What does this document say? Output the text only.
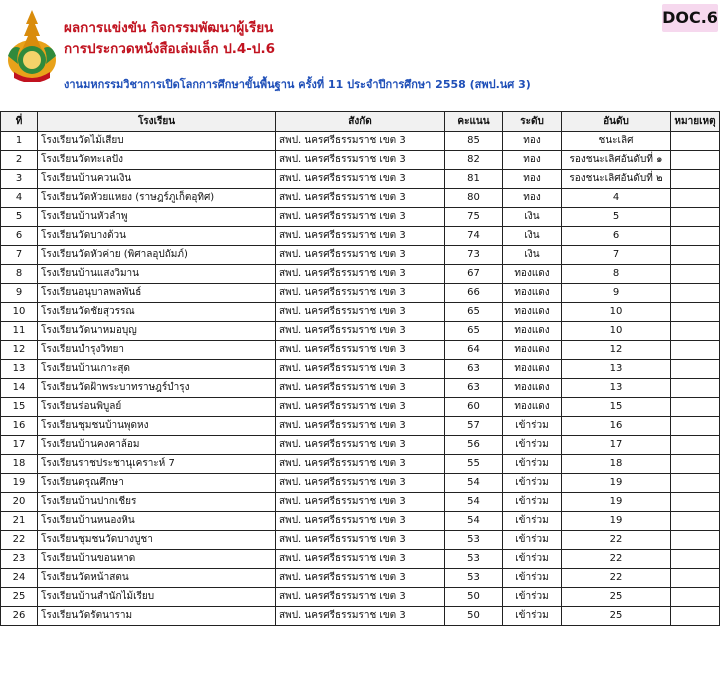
ผลการแข่งขัน กิจกรรมพัฒนาผู้เรียน
การประกวดหนังสือเล่มเล็ก ป.4-ป.6
งานมหกรรมวิชาการเปิดโลกการศึกษาขั้นพื้นฐาน ครั้งที่ 11 ประจำปีการศึกษา 2558 (สพป.นศ 3)
DOC.6
ที่	โรงเรียน	สังกัด	คะแนน	ระดับ	อันดับ	หมายเหตุ
1	โรงเรียนวัดไม้เสียบ	สพป. นครศรีธรรมราช เขต 3	85	ทอง	ชนะเลิศ	
2	โรงเรียนวัดทะเลปัง	สพป. นครศรีธรรมราช เขต 3	82	ทอง	รองชนะเลิศอันดับที่ ๑	
3	โรงเรียนบ้านควนเงิน	สพป. นครศรีธรรมราช เขต 3	81	ทอง	รองชนะเลิศอันดับที่ ๒	
4	โรงเรียนวัดหัวยแหยง (ราษฎร์ภูเก็ตอุทิศ)	สพป. นครศรีธรรมราช เขต 3	80	ทอง	4	
5	โรงเรียนบ้านหัวลำพู	สพป. นครศรีธรรมราช เขต 3	75	เงิน	5	
6	โรงเรียนวัดบางด้วน	สพป. นครศรีธรรมราช เขต 3	74	เงิน	6	
7	โรงเรียนวัดหัวค่าย (พิศาลอุปถัมภ์)	สพป. นครศรีธรรมราช เขต 3	73	เงิน	7	
8	โรงเรียนบ้านแสงวิมาน	สพป. นครศรีธรรมราช เขต 3	67	ทองแดง	8	
9	โรงเรียนอนุบาลพลพันธ์	สพป. นครศรีธรรมราช เขต 3	66	ทองแดง	9	
10	โรงเรียนวัดชัยสุวรรณ	สพป. นครศรีธรรมราช เขต 3	65	ทองแดง	10	
11	โรงเรียนวัดนาหมอบุญ	สพป. นครศรีธรรมราช เขต 3	65	ทองแดง	10	
12	โรงเรียนบำรุงวิทยา	สพป. นครศรีธรรมราช เขต 3	64	ทองแดง	12	
13	โรงเรียนบ้านเกาะสุด	สพป. นครศรีธรรมราช เขต 3	63	ทองแดง	13	
14	โรงเรียนวัดฝ้าพระบาทราษฎร์บำรุง	สพป. นครศรีธรรมราช เขต 3	63	ทองแดง	13	
15	โรงเรียนร่อนพิบูลย์	สพป. นครศรีธรรมราช เขต 3	60	ทองแดง	15	
16	โรงเรียนชุมชนบ้านพุดหง	สพป. นครศรีธรรมราช เขต 3	57	เข้าร่วม	16	
17	โรงเรียนบ้านคงคาล้อม	สพป. นครศรีธรรมราช เขต 3	56	เข้าร่วม	17	
18	โรงเรียนราชประชานุเคราะห์ 7	สพป. นครศรีธรรมราช เขต 3	55	เข้าร่วม	18	
19	โรงเรียนดรุณศึกษา	สพป. นครศรีธรรมราช เขต 3	54	เข้าร่วม	19	
20	โรงเรียนบ้านปากเชียร	สพป. นครศรีธรรมราช เขต 3	54	เข้าร่วม	19	
21	โรงเรียนบ้านหนองหิน	สพป. นครศรีธรรมราช เขต 3	54	เข้าร่วม	19	
22	โรงเรียนชุมชนวัดบางบูชา	สพป. นครศรีธรรมราช เขต 3	53	เข้าร่วม	22	
23	โรงเรียนบ้านขอนหาด	สพป. นครศรีธรรมราช เขต 3	53	เข้าร่วม	22	
24	โรงเรียนวัดหน้าสตน	สพป. นครศรีธรรมราช เขต 3	53	เข้าร่วม	22	
25	โรงเรียนบ้านสำนักไม้เรียบ	สพป. นครศรีธรรมราช เขต 3	50	เข้าร่วม	25	
26	โรงเรียนวัดรัตนาราม	สพป. นครศรีธรรมราช เขต 3	50	เข้าร่วม	25	
